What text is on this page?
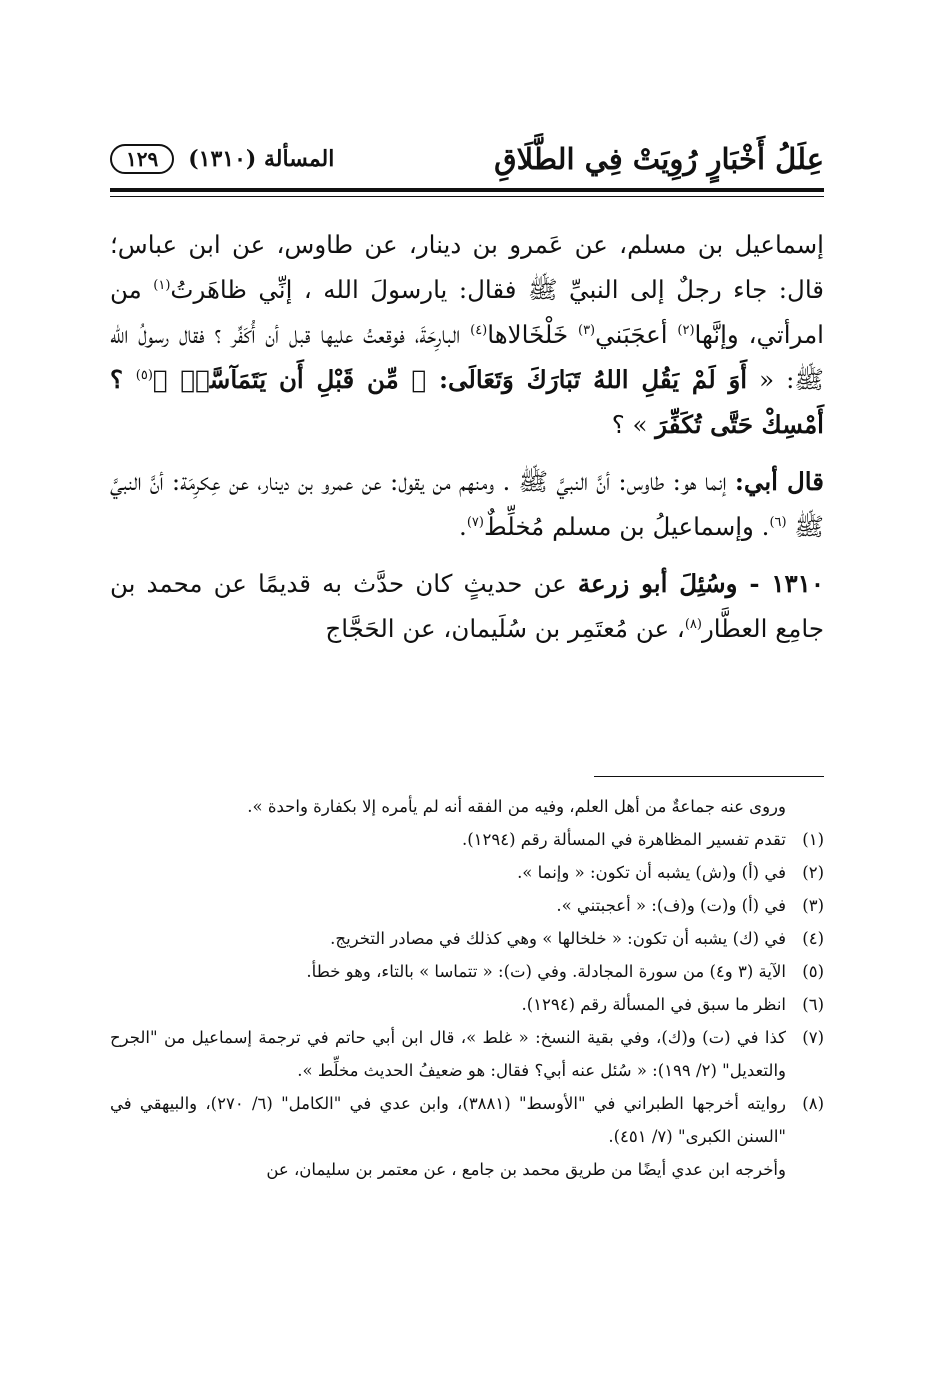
عِلَلُ أَخْبَارٍ رُوِيَتْ فِي الطَّلَاقِ
المسألة (١٣١٠)
١٢٩

إسماعيل بن مسلم، عن عَمرو بن دينار، عن طاوس، عن ابن عباس؛ قال: جاء رجلٌ إلى النبيِّ ﷺ فقال: يارسولَ الله ، إنِّي ظاهَرتُ$^{(١)}$ من امرأتي، وإنَّها$^{(٢)}$ أعجَبَني$^{(٣)}$ خَلْخَالاها$^{(٤)}$ البارِحَةَ، فوقعتُ عليها قبل أن أُكَفِّر ؟ فقال رسولُ الله ﷺ: « أَوَ لَمْ يَقُلِ اللهُ تَبَارَكَ وَتَعَالَى: ﴿ مِّن قَبْلِ أَن يَتَمَآسَّاۚ ﴾$^{(٥)}$ ؟ أَمْسِكْ حَتَّى تُكَفِّرَ » ؟

قال أبي: إنما هو: طاوس: أنَّ النبيَّ ﷺ . ومنهم من يقول: عن عمرو بن دينار، عن عِكرِمَة: أنَّ النبيَّ ﷺ $^{(٦)}$. وإسماعيلُ بن مسلم مُخلِّطٌ$^{(٧)}$.

١٣١٠ - وسُئِلَ أبو زرعة عن حديثٍ كان حدَّث به قديمًا عن محمد بن جامِع العطَّار$^{(٨)}$، عن مُعتَمِر بن سُلَيمان، عن الحَجَّاج

وروى عنه جماعةٌ من أهل العلم، وفيه من الفقه أنه لم يأمره إلا بكفارة واحدة ».
(١)
تقدم تفسير المظاهرة في المسألة رقم (١٢٩٤).
(٢)
في (أ) و(ش) يشبه أن تكون: « وإنما ».
(٣)
في (أ) و(ت) و(ف): « أعجبتني ».
(٤)
في (ك) يشبه أن تكون: « خلخالها » وهي كذلك في مصادر التخريج.
(٥)
الآية (٣ و٤) من سورة المجادلة. وفي (ت): « تتماسا » بالتاء، وهو خطأ.
(٦)
انظر ما سبق في المسألة رقم (١٢٩٤).
(٧)
كذا في (ت) و(ك)، وفي بقية النسخ: « غلط »، قال ابن أبي حاتم في ترجمة إسماعيل من "الجرح والتعديل" (٢/ ١٩٩): « سُئل عنه أبي؟ فقال: هو ضعيفُ الحديث مخلِّط ».
(٨)
روايته أخرجها الطبراني في "الأوسط" (٣٨٨١)، وابن عدي في "الكامل" (٦/ ٢٧٠)، والبيهقي في "السنن الكبرى" (٧/ ٤٥١).
وأخرجه ابن عدي أيضًا من طريق محمد بن جامع ، عن معتمر بن سليمان، عن
